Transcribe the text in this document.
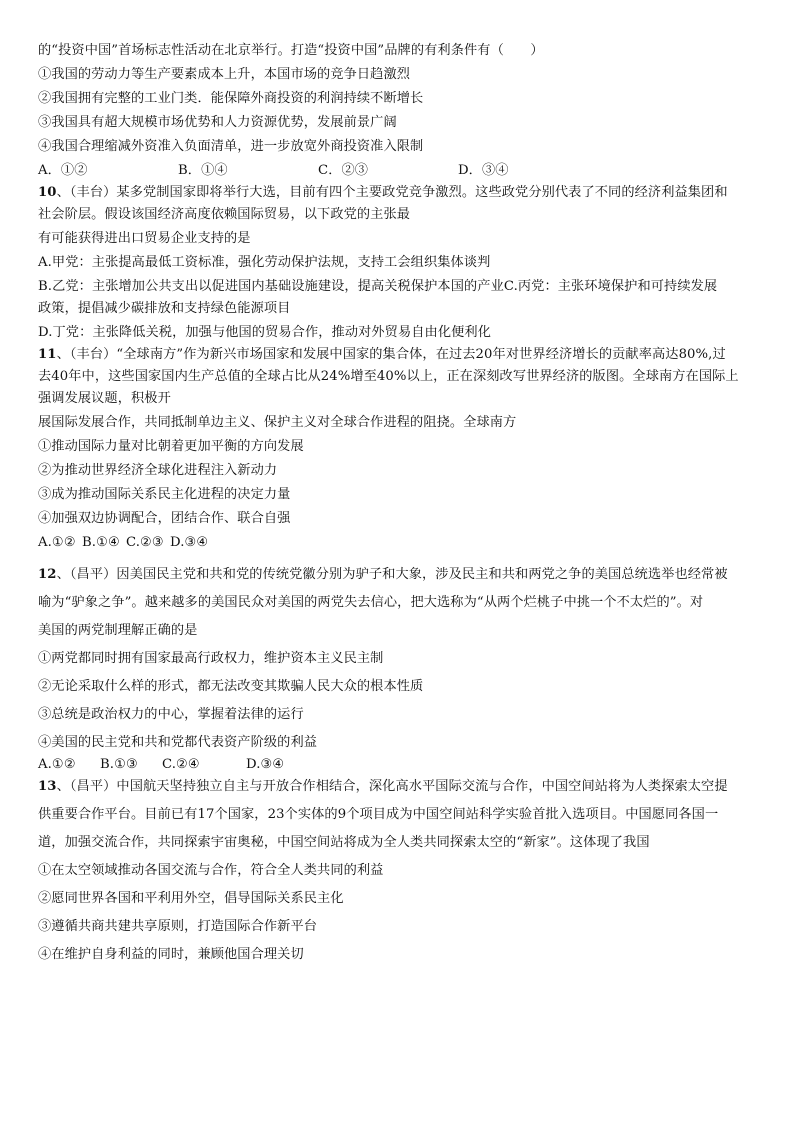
的“投资中国”首场标志性活动在北京举行。打造“投资中国”品牌的有利条件有（　　）
①我国的劳动力等生产要素成本上升，本国市场的竞争日趋激烈
②我国拥有完整的工业门类．能保障外商投资的利润持续不断增长
③我国具有超大规模市场优势和人力资源优势，发展前景广阔
④我国合理缩减外资准入负面清单，进一步放宽外商投资准入限制
A．①②	B．①④	C．②③	D．③④
10、（丰台）某多党制国家即将举行大选，目前有四个主要政党竞争激烈。这些政党分别代表了不同的经济利益集团和
社会阶层。假设该国经济高度依赖国际贸易，以下政党的主张最
有可能获得进出口贸易企业支持的是
A.甲党：主张提高最低工资标准，强化劳动保护法规，支持工会组织集体谈判
B.乙党：主张增加公共支出以促进国内基础设施建设，提高关税保护本国的产业C.丙党：主张环境保护和可持续发展
政策，提倡减少碳排放和支持绿色能源项目
D.丁党：主张降低关税，加强与他国的贸易合作，推动对外贸易自由化便利化
11、（丰台）“全球南方”作为新兴市场国家和发展中国家的集合体，在过去20年对世界经济增长的贡献率高达80%,过
去40年中，这些国家国内生产总值的全球占比从24%增至40%以上，正在深刻改写世界经济的版图。全球南方在国际上
强调发展议题，积极开
展国际发展合作，共同抵制单边主义、保护主义对全球合作进程的阻挠。全球南方
①推动国际力量对比朝着更加平衡的方向发展
②为推动世界经济全球化进程注入新动力
③成为推动国际关系民主化进程的决定力量
④加强双边协调配合，团结合作、联合自强
A.①② B.①④ C.②③ D.③④
12、（昌平）因美国民主党和共和党的传统党徽分别为驴子和大象，涉及民主和共和两党之争的美国总统选举也经常被
喻为“驴象之争”。越来越多的美国民众对美国的两党失去信心，把大选称为“从两个烂桃子中挑一个不太烂的”。对
美国的两党制理解正确的是
①两党都同时拥有国家最高行政权力，维护资本主义民主制
②无论采取什么样的形式，都无法改变其欺骗人民大众的根本性质
③总统是政治权力的中心，掌握着法律的运行
④美国的民主党和共和党都代表资产阶级的利益
A.①② B.①③ C.②④	D.③④
13、（昌平）中国航天坚持独立自主与开放合作相结合，深化高水平国际交流与合作，中国空间站将为人类探索太空提
供重要合作平台。目前已有17个国家，23个实体的9个项目成为中国空间站科学实验首批入选项目。中国愿同各国一
道，加强交流合作，共同探索宇宙奥秘，中国空间站将成为全人类共同探索太空的“新家”。这体现了我国
①在太空领域推动各国交流与合作，符合全人类共同的利益
②愿同世界各国和平利用外空，倡导国际关系民主化
③遵循共商共建共享原则，打造国际合作新平台
④在维护自身利益的同时，兼顾他国合理关切
